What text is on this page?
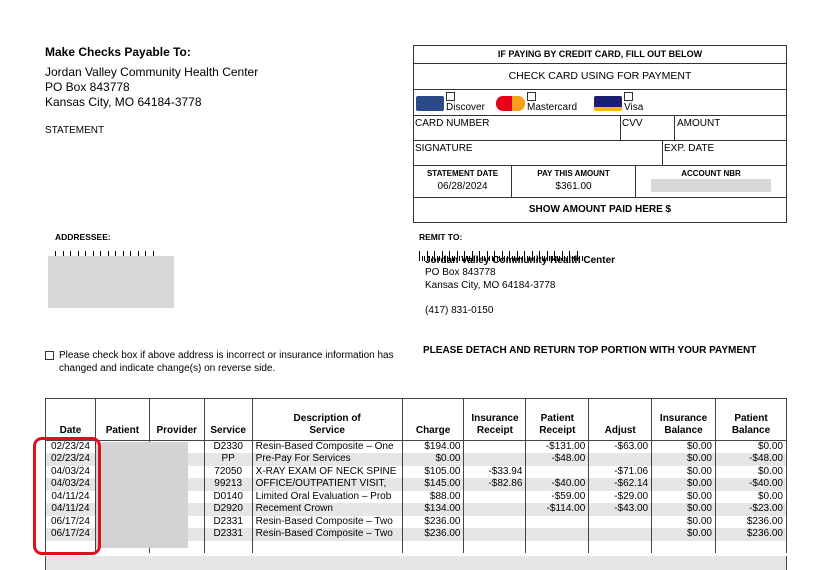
Make Checks Payable To:
Jordan Valley Community Health Center
PO Box 843778
Kansas City, MO 64184-3778
STATEMENT
IF PAYING BY CREDIT CARD, FILL OUT BELOW
CHECK CARD USING FOR PAYMENT
Discover	Mastercard	Visa
CARD NUMBER	CVV	AMOUNT
SIGNATURE	EXP. DATE
STATEMENT DATE
06/28/2024
PAY THIS AMOUNT
$361.00
ACCOUNT NBR
SHOW AMOUNT PAID HERE $
ADDRESSEE:	REMIT TO:
Jordan Valley Community Health Center
PO Box 843778
Kansas City, MO 64184-3778
(417) 831-0150
Please check box if above address is incorrect or insurance information has changed and indicate change(s) on reverse side.
PLEASE DETACH AND RETURN TOP PORTION WITH YOUR PAYMENT
Date	Patient	Provider	Service	Description of Service	Charge	Insurance Receipt	Patient Receipt	Adjust	Insurance Balance	Patient Balance
02/23/24			D2330	Resin-Based Composite – One	$194.00		-$131.00	-$63.00	$0.00	$0.00
02/23/24			PP	Pre-Pay For Services	$0.00		-$48.00		$0.00	-$48.00
04/03/24			72050	X-RAY EXAM OF NECK SPINE	$105.00	-$33.94		-$71.06	$0.00	$0.00
04/03/24			99213	OFFICE/OUTPATIENT VISIT,	$145.00	-$82.86	-$40.00	-$62.14	$0.00	-$40.00
04/11/24			D0140	Limited Oral Evaluation – Prob	$88.00		-$59.00	-$29.00	$0.00	$0.00
04/11/24			D2920	Recement Crown	$134.00		-$114.00	-$43.00	$0.00	-$23.00
06/17/24			D2331	Resin-Based Composite – Two	$236.00				$0.00	$236.00
06/17/24			D2331	Resin-Based Composite – Two	$236.00				$0.00	$236.00
